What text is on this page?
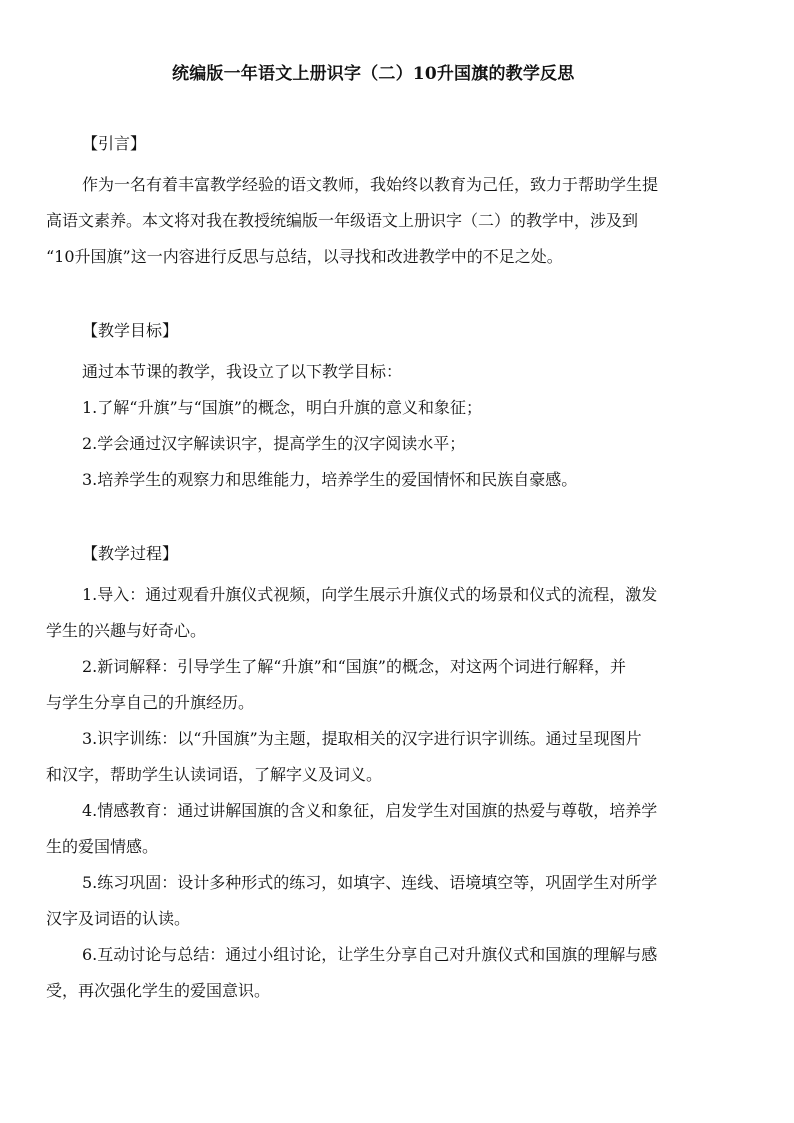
统编版一年语文上册识字（二）10升国旗的教学反思
【引言】
作为一名有着丰富教学经验的语文教师，我始终以教育为己任，致力于帮助学生提
高语文素养。本文将对我在教授统编版一年级语文上册识字（二）的教学中，涉及到
“10升国旗”这一内容进行反思与总结，以寻找和改进教学中的不足之处。
【教学目标】
通过本节课的教学，我设立了以下教学目标：
1.了解“升旗”与“国旗”的概念，明白升旗的意义和象征；
2.学会通过汉字解读识字，提高学生的汉字阅读水平；
3.培养学生的观察力和思维能力，培养学生的爱国情怀和民族自豪感。
【教学过程】
1.导入：通过观看升旗仪式视频，向学生展示升旗仪式的场景和仪式的流程，激发
学生的兴趣与好奇心。
2.新词解释：引导学生了解“升旗”和“国旗”的概念，对这两个词进行解释，并
与学生分享自己的升旗经历。
3.识字训练：以“升国旗”为主题，提取相关的汉字进行识字训练。通过呈现图片
和汉字，帮助学生认读词语，了解字义及词义。
4.情感教育：通过讲解国旗的含义和象征，启发学生对国旗的热爱与尊敬，培养学
生的爱国情感。
5.练习巩固：设计多种形式的练习，如填字、连线、语境填空等，巩固学生对所学
汉字及词语的认读。
6.互动讨论与总结：通过小组讨论，让学生分享自己对升旗仪式和国旗的理解与感
受，再次强化学生的爱国意识。
